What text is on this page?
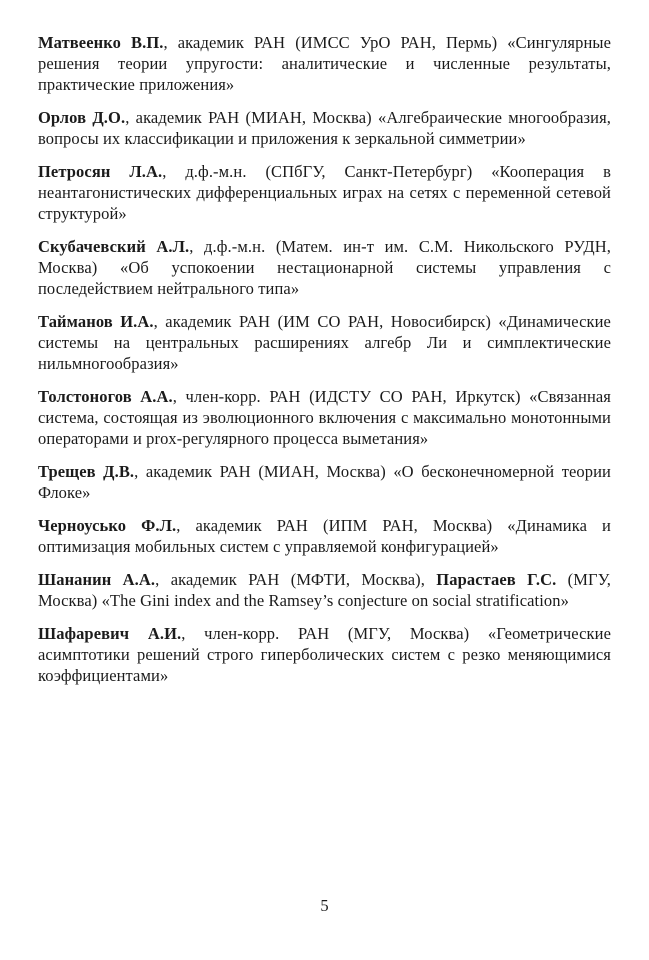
Матвеенко В.П., академик РАН (ИМСС УрО РАН, Пермь) «Сингулярные решения теории упругости: аналитические и численные результаты, практические приложения»

Орлов Д.О., академик РАН (МИАН, Москва) «Алгебраические многообразия, вопросы их классификации и приложения к зеркальной симметрии»

Петросян Л.А., д.ф.-м.н. (СПбГУ, Санкт-Петербург) «Кооперация в неантагонистических дифференциальных играх на сетях с переменной сетевой структурой»

Скубачевский А.Л., д.ф.-м.н. (Матем. ин-т им. С.М. Никольского РУДН, Москва) «Об успокоении нестационарной системы управления с последействием нейтрального типа»

Тайманов И.А., академик РАН (ИМ СО РАН, Новосибирск) «Динамические системы на центральных расширениях алгебр Ли и симплектические нильмногообразия»

Толстоногов А.А., член-корр. РАН (ИДСТУ СО РАН, Иркутск) «Связанная система, состоящая из эволюционного включения с максимально монотонными операторами и prox-регулярного процесса выметания»

Трещев Д.В., академик РАН (МИАН, Москва) «О бесконечномерной теории Флоке»

Черноусько Ф.Л., академик РАН (ИПМ РАН, Москва) «Динамика и оптимизация мобильных систем с управляемой конфигурацией»

Шананин А.А., академик РАН (МФТИ, Москва), Парастаев Г.С. (МГУ, Москва) «The Gini index and the Ramsey’s conjecture on social stratification»

Шафаревич А.И., член-корр. РАН (МГУ, Москва) «Геометрические асимптотики решений строго гиперболических систем с резко меняющимися коэффициентами»

5
